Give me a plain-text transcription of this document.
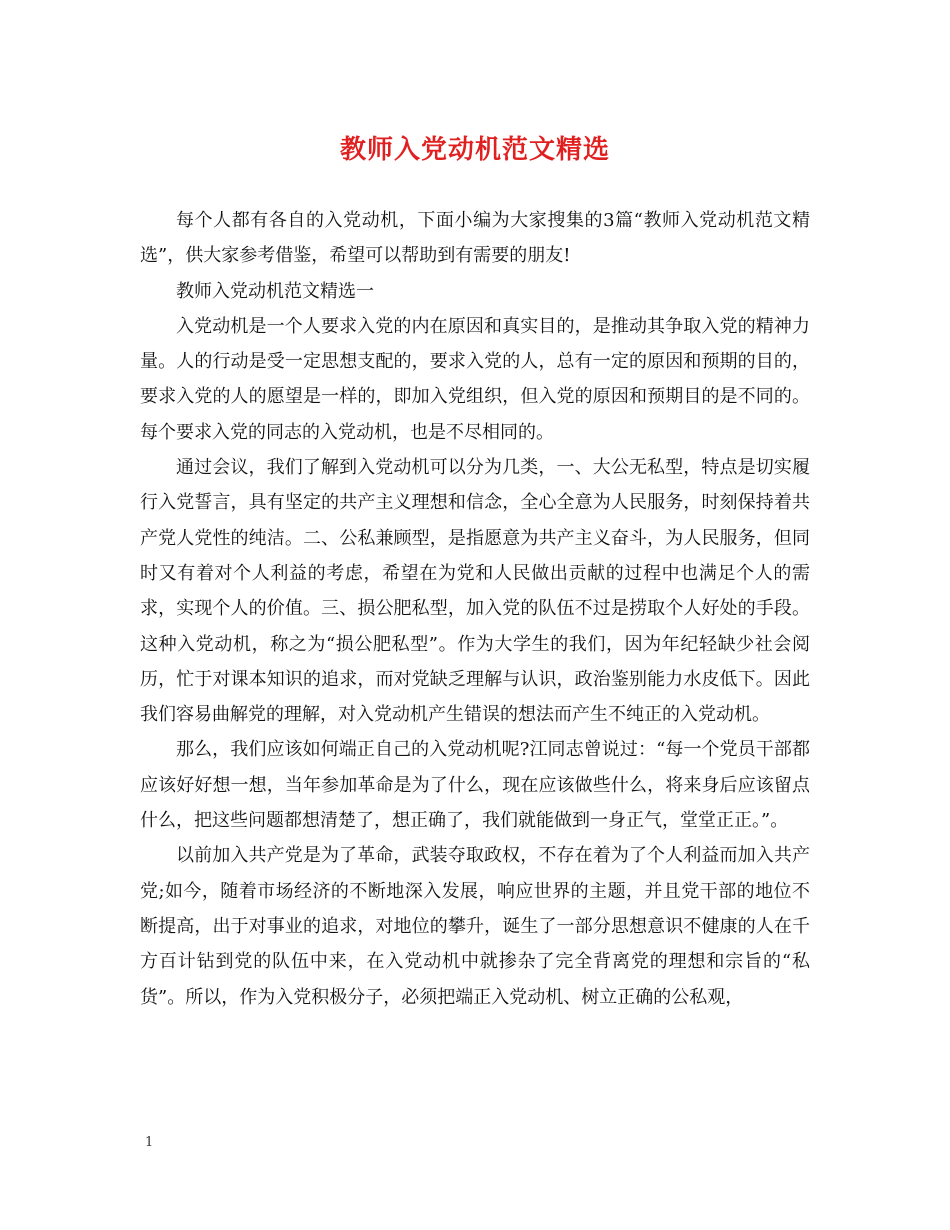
教师入党动机范文精选

每个人都有各自的入党动机，下面小编为大家搜集的3篇“教师入党动机范文精选”，供大家参考借鉴，希望可以帮助到有需要的朋友!

教师入党动机范文精选一

入党动机是一个人要求入党的内在原因和真实目的，是推动其争取入党的精神力量。人的行动是受一定思想支配的，要求入党的人，总有一定的原因和预期的目的，要求入党的人的愿望是一样的，即加入党组织，但入党的原因和预期目的是不同的。每个要求入党的同志的入党动机，也是不尽相同的。

通过会议，我们了解到入党动机可以分为几类，一、大公无私型，特点是切实履行入党誓言，具有坚定的共产主义理想和信念，全心全意为人民服务，时刻保持着共产党人党性的纯洁。二、公私兼顾型，是指愿意为共产主义奋斗，为人民服务，但同时又有着对个人利益的考虑，希望在为党和人民做出贡献的过程中也满足个人的需求，实现个人的价值。三、损公肥私型，加入党的队伍不过是捞取个人好处的手段。这种入党动机，称之为“损公肥私型”。作为大学生的我们，因为年纪轻缺少社会阅历，忙于对课本知识的追求，而对党缺乏理解与认识，政治鉴别能力水皮低下。因此我们容易曲解党的理解，对入党动机产生错误的想法而产生不纯正的入党动机。

那么，我们应该如何端正自己的入党动机呢?江同志曾说过：“每一个党员干部都应该好好想一想，当年参加革命是为了什么，现在应该做些什么，将来身后应该留点什么，把这些问题都想清楚了，想正确了，我们就能做到一身正气，堂堂正正。”。

以前加入共产党是为了革命，武装夺取政权，不存在着为了个人利益而加入共产党;如今，随着市场经济的不断地深入发展，响应世界的主题，并且党干部的地位不断提高，出于对事业的追求，对地位的攀升，诞生了一部分思想意识不健康的人在千方百计钻到党的队伍中来，在入党动机中就掺杂了完全背离党的理想和宗旨的“私货”。所以，作为入党积极分子，必须把端正入党动机、树立正确的公私观，

1
